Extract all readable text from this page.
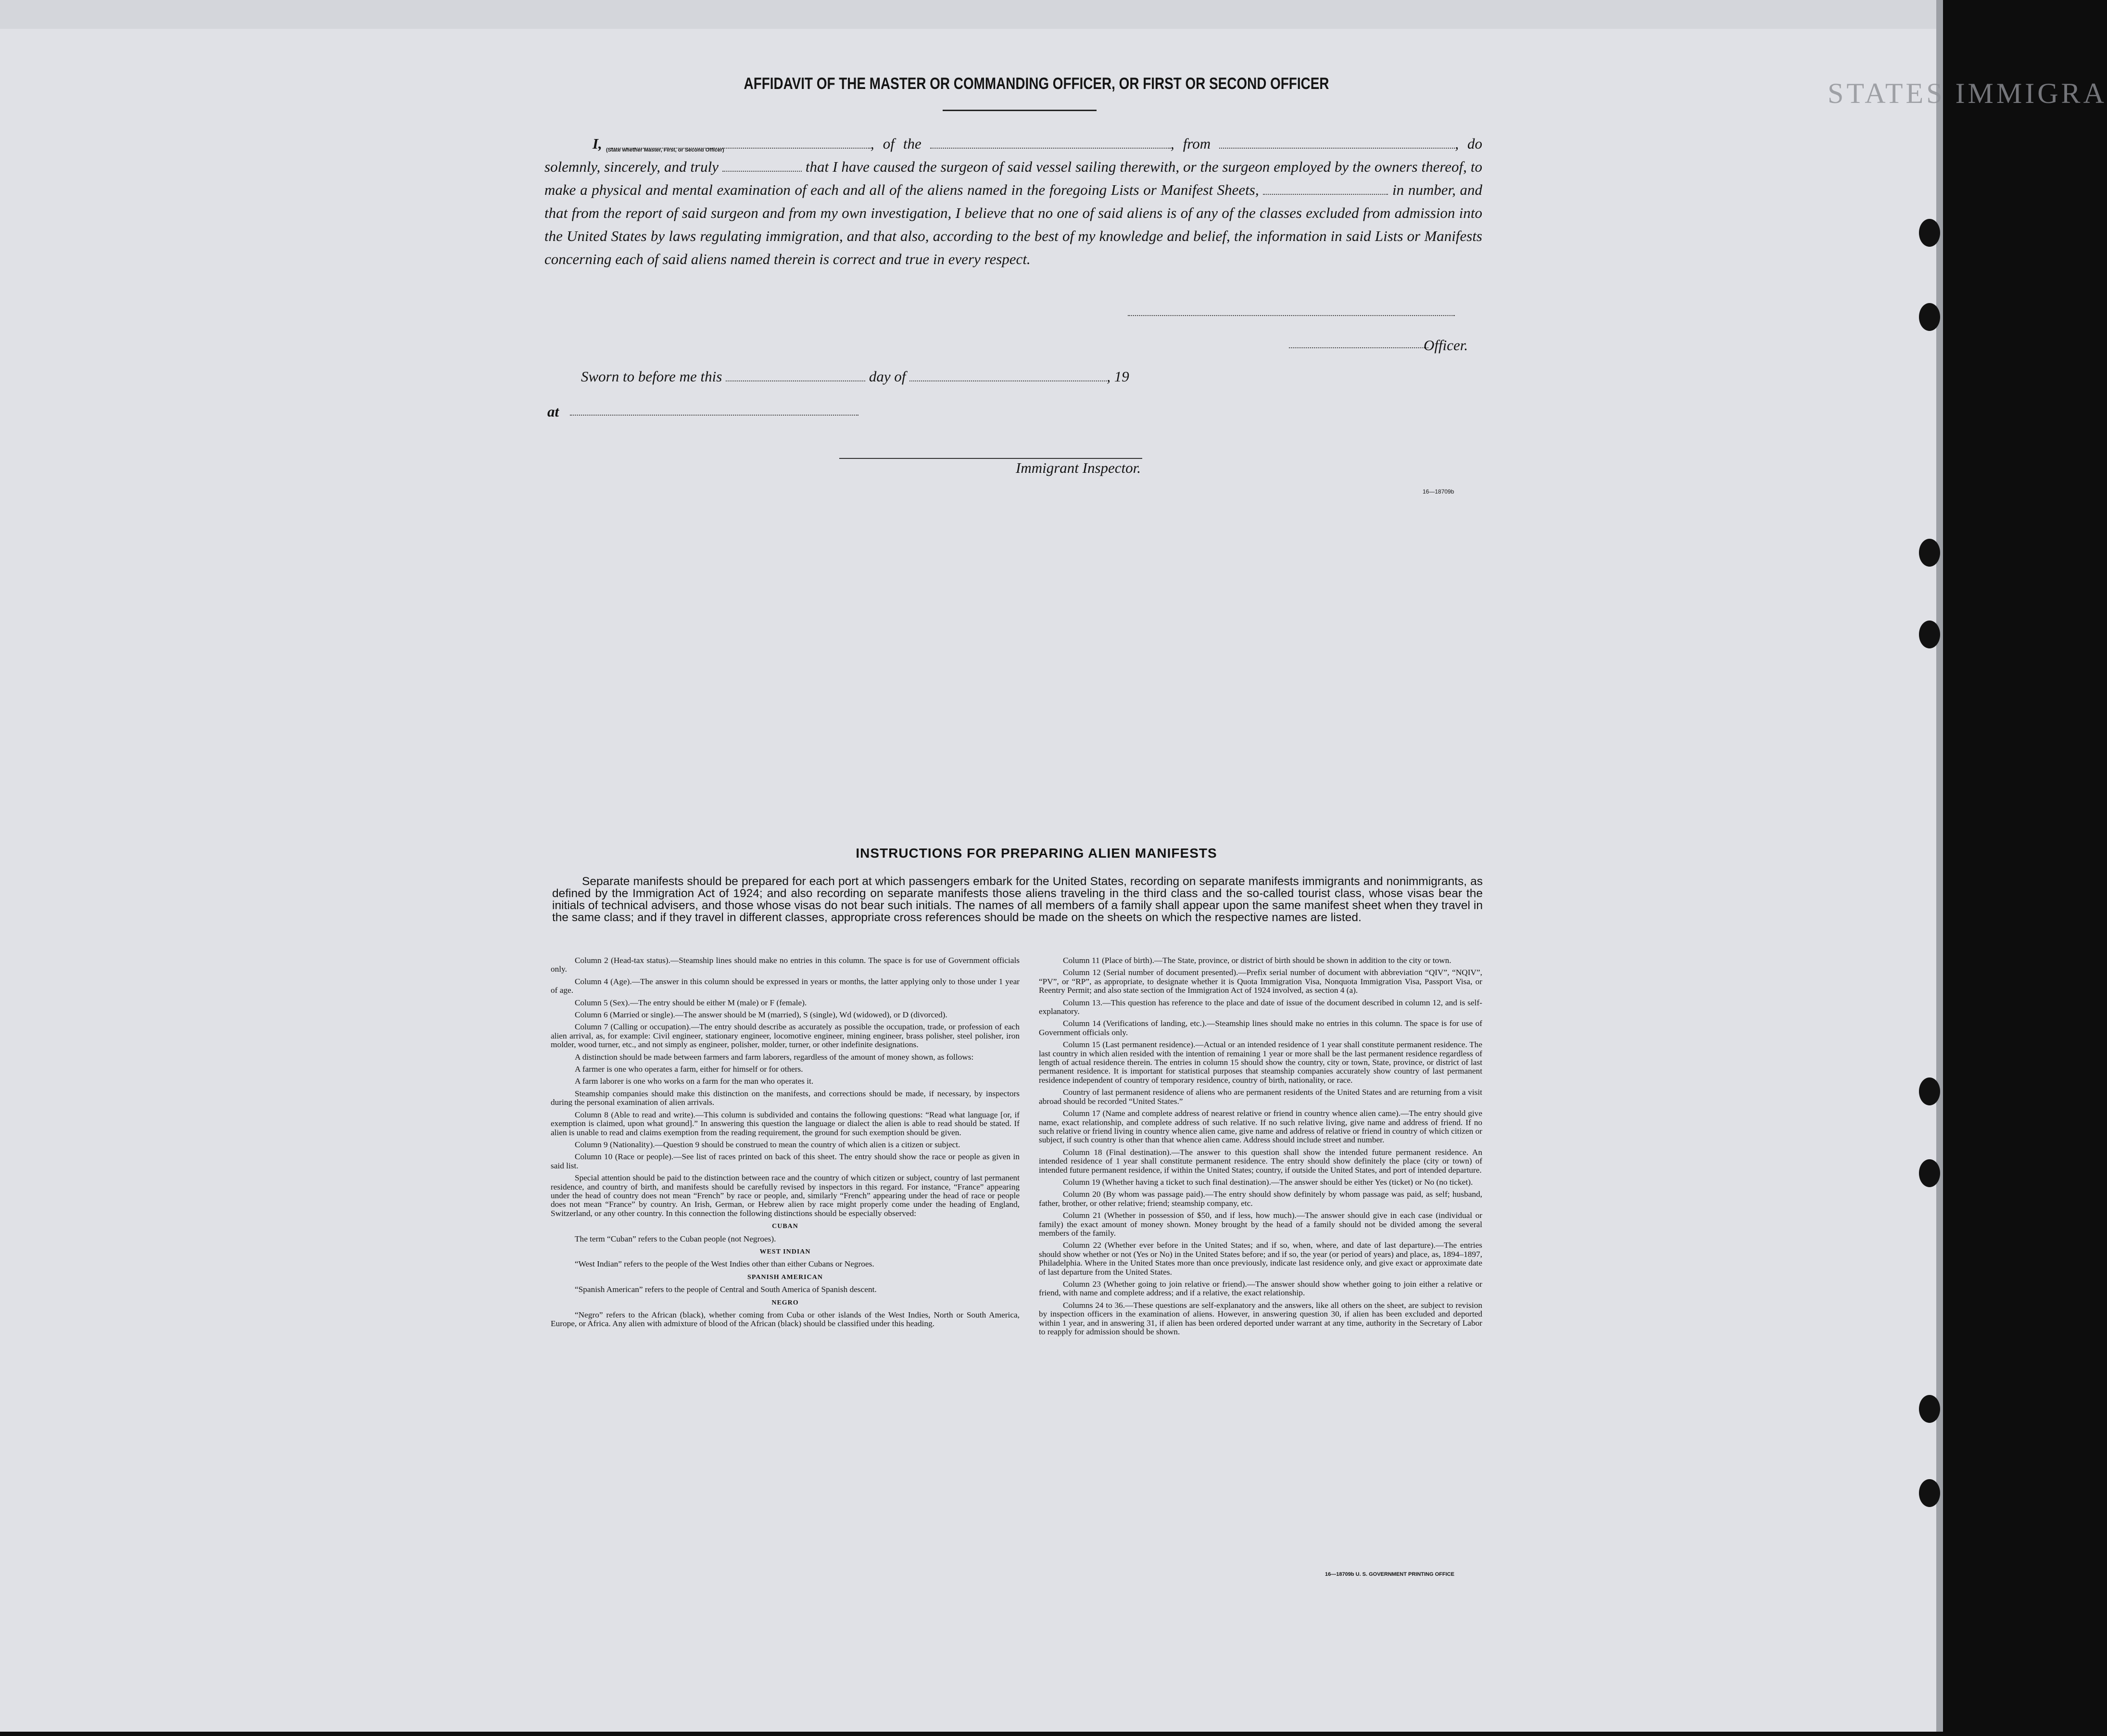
STATES IMMIGRA
AFFIDAVIT OF THE MASTER OR COMMANDING OFFICER, OR FIRST OR SECOND OFFICER
(State whether Master, First, or Second Officer)
I,	, of the	, from	, do solemnly, sincerely, and truly	that I have caused the surgeon of said vessel sailing therewith, or the surgeon employed by the owners thereof, to make a physical and mental examination of each and all of the aliens named in the foregoing Lists or Manifest Sheets,	in number, and that from the report of said surgeon and from my own investigation, I believe that no one of said aliens is of any of the classes excluded from admission into the United States by laws regulating immigration, and that also, according to the best of my knowledge and belief, the information in said Lists or Manifests concerning each of said aliens named therein is correct and true in every respect.
Officer.
Sworn to before me this	day of	, 19
at
Immigrant Inspector.
16—18709b
INSTRUCTIONS FOR PREPARING ALIEN MANIFESTS
Separate manifests should be prepared for each port at which passengers embark for the United States, recording on separate manifests immigrants and nonimmigrants, as defined by the Immigration Act of 1924; and also recording on separate manifests those aliens traveling in the third class and the so-called tourist class, whose visas bear the initials of technical advisers, and those whose visas do not bear such initials. The names of all members of a family shall appear upon the same manifest sheet when they travel in the same class; and if they travel in different classes, appropriate cross references should be made on the sheets on which the respective names are listed.

Column 2 (Head-tax status).—Steamship lines should make no entries in this column. The space is for use of Government officials only.

Column 4 (Age).—The answer in this column should be expressed in years or months, the latter applying only to those under 1 year of age.

Column 5 (Sex).—The entry should be either M (male) or F (female).

Column 6 (Married or single).—The answer should be M (married), S (single), Wd (widowed), or D (divorced).

Column 7 (Calling or occupation).—The entry should describe as accurately as possible the occupation, trade, or profession of each alien arrival, as, for example: Civil engineer, stationary engineer, locomotive engineer, mining engineer, brass polisher, steel polisher, iron molder, wood turner, etc., and not simply as engineer, polisher, molder, turner, or other indefinite designations.

A distinction should be made between farmers and farm laborers, regardless of the amount of money shown, as follows:

A farmer is one who operates a farm, either for himself or for others.

A farm laborer is one who works on a farm for the man who operates it.

Steamship companies should make this distinction on the manifests, and corrections should be made, if necessary, by inspectors during the personal examination of alien arrivals.

Column 8 (Able to read and write).—This column is subdivided and contains the following questions: “Read what language [or, if exemption is claimed, upon what ground].” In answering this question the language or dialect the alien is able to read should be stated. If alien is unable to read and claims exemption from the reading requirement, the ground for such exemption should be given.

Column 9 (Nationality).—Question 9 should be construed to mean the country of which alien is a citizen or subject.

Column 10 (Race or people).—See list of races printed on back of this sheet. The entry should show the race or people as given in said list.

Special attention should be paid to the distinction between race and the country of which citizen or subject, country of last permanent residence, and country of birth, and manifests should be carefully revised by inspectors in this regard. For instance, “France” appearing under the head of country does not mean “French” by race or people, and, similarly “French” appearing under the head of race or people does not mean “France” by country. An Irish, German, or Hebrew alien by race might properly come under the heading of England, Switzerland, or any other country. In this connection the following distinctions should be especially observed:

CUBAN

The term “Cuban” refers to the Cuban people (not Negroes).

WEST INDIAN

“West Indian” refers to the people of the West Indies other than either Cubans or Negroes.

SPANISH AMERICAN

“Spanish American” refers to the people of Central and South America of Spanish descent.

NEGRO

“Negro” refers to the African (black), whether coming from Cuba or other islands of the West Indies, North or South America, Europe, or Africa. Any alien with admixture of blood of the African (black) should be classified under this heading.

Column 11 (Place of birth).—The State, province, or district of birth should be shown in addition to the city or town.

Column 12 (Serial number of document presented).—Prefix serial number of document with abbreviation “QIV”, “NQIV”, “PV”, or “RP”, as appropriate, to designate whether it is Quota Immigration Visa, Nonquota Immigration Visa, Passport Visa, or Reentry Permit; and also state section of the Immigration Act of 1924 involved, as section 4 (a).

Column 13.—This question has reference to the place and date of issue of the document described in column 12, and is self-explanatory.

Column 14 (Verifications of landing, etc.).—Steamship lines should make no entries in this column. The space is for use of Government officials only.

Column 15 (Last permanent residence).—Actual or an intended residence of 1 year shall constitute permanent residence. The last country in which alien resided with the intention of remaining 1 year or more shall be the last permanent residence regardless of length of actual residence therein. The entries in column 15 should show the country, city or town, State, province, or district of last permanent residence. It is important for statistical purposes that steamship companies accurately show country of last permanent residence independent of country of temporary residence, country of birth, nationality, or race.

Country of last permanent residence of aliens who are permanent residents of the United States and are returning from a visit abroad should be recorded “United States.”

Column 17 (Name and complete address of nearest relative or friend in country whence alien came).—The entry should give name, exact relationship, and complete address of such relative. If no such relative living, give name and address of friend. If no such relative or friend living in country whence alien came, give name and address of relative or friend in country of which citizen or subject, if such country is other than that whence alien came. Address should include street and number.

Column 18 (Final destination).—The answer to this question shall show the intended future permanent residence. An intended residence of 1 year shall constitute permanent residence. The entry should show definitely the place (city or town) of intended future permanent residence, if within the United States; country, if outside the United States, and port of intended departure.

Column 19 (Whether having a ticket to such final destination).—The answer should be either Yes (ticket) or No (no ticket).

Column 20 (By whom was passage paid).—The entry should show definitely by whom passage was paid, as self; husband, father, brother, or other relative; friend; steamship company, etc.

Column 21 (Whether in possession of $50, and if less, how much).—The answer should give in each case (individual or family) the exact amount of money shown. Money brought by the head of a family should not be divided among the several members of the family.

Column 22 (Whether ever before in the United States; and if so, when, where, and date of last departure).—The entries should show whether or not (Yes or No) in the United States before; and if so, the year (or period of years) and place, as, 1894–1897, Philadelphia. Where in the United States more than once previously, indicate last residence only, and give exact or approximate date of last departure from the United States.

Column 23 (Whether going to join relative or friend).—The answer should show whether going to join either a relative or friend, with name and complete address; and if a relative, the exact relationship.

Columns 24 to 36.—These questions are self-explanatory and the answers, like all others on the sheet, are subject to revision by inspection officers in the examination of aliens. However, in answering question 30, if alien has been excluded and deported within 1 year, and in answering 31, if alien has been ordered deported under warrant at any time, authority in the Secretary of Labor to reapply for admission should be shown.

16—18709b U. S. GOVERNMENT PRINTING OFFICE
